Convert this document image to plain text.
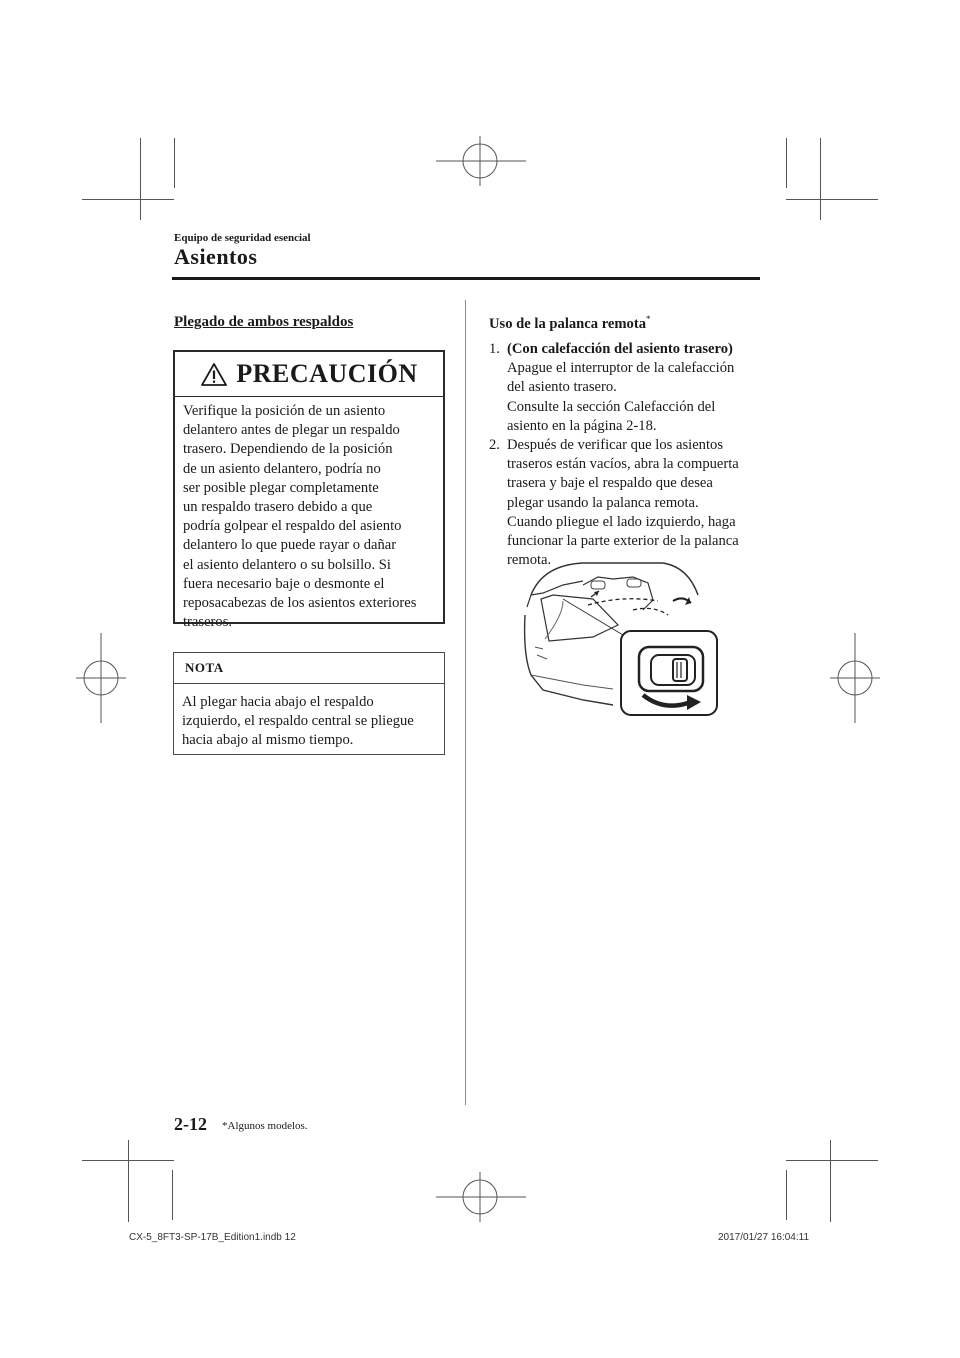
Equipo de seguridad esencial
Asientos
Plegado de ambos respaldos
PRECAUCIÓN
Verifique la posición de un asiento
delantero antes de plegar un respaldo
trasero. Dependiendo de la posición
de un asiento delantero, podría no
ser posible plegar completamente
un respaldo trasero debido a que
podría golpear el respaldo del asiento
delantero lo que puede rayar o dañar
el asiento delantero o su bolsillo. Si
fuera necesario baje o desmonte el
reposacabezas de los asientos exteriores
traseros.
NOTA
Al plegar hacia abajo el respaldo
izquierdo, el respaldo central se pliegue
hacia abajo al mismo tiempo.
Uso de la palanca remota*
1. (Con calefacción del asiento trasero)
Apague el interruptor de la calefacción
del asiento trasero.
Consulte la sección Calefacción del
asiento en la página 2-18.
2. Después de verificar que los asientos
traseros están vacíos, abra la compuerta
trasera y baje el respaldo que desea
plegar usando la palanca remota.
Cuando pliegue el lado izquierdo, haga
funcionar la parte exterior de la palanca
remota.
2-12 *Algunos modelos.
CX-5_8FT3-SP-17B_Edition1.indb 12	2017/01/27 16:04:11
